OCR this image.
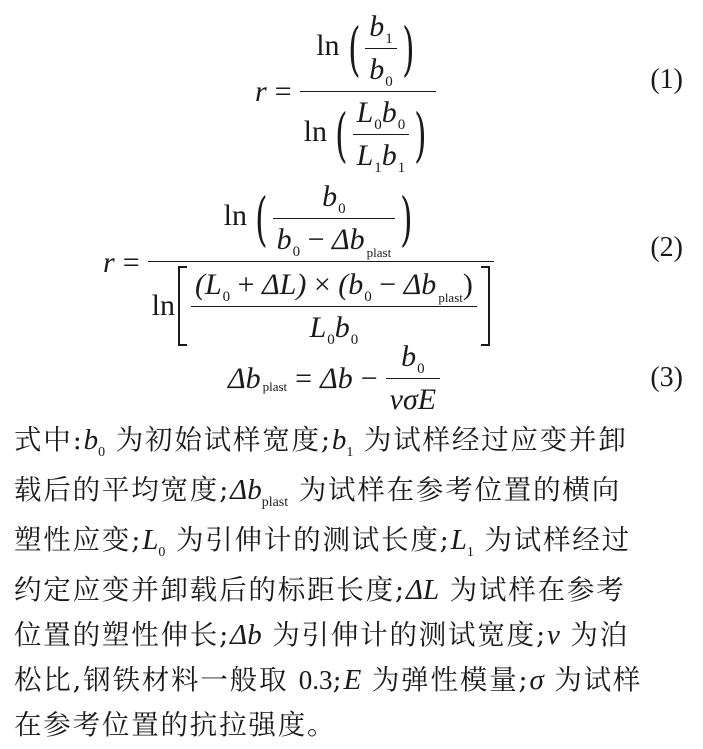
$r = \frac{\ln ( \frac{b_1}{b_0} )}{\ln ( \frac{L_0b_0}{L_1b_1} )}$	(1)
r =
ln ( $\frac{b_0}{b_0 - \Delta b _{plast}}$ )
$\ln \frac{(L_0 + \Delta L) \times (b_0 - \Delta b _{plast})}{L_0b_0}$
(2)
Δb plast = $\Delta b - \frac{b_0}{\text{νσE}}$	(3)
式中$:b_0$ 为初始试样宽度$;b_1$ 为试样经过应变并卸
载后的平均宽度$;\Delta b_{plast}$ 为试样在参考位置的横向
塑性应变$;L_0$ 为引伸计的测试长度$;L_1$ 为试样经过
约定应变并卸载后的标距长度;ΔL 为试样在参考
位置的塑性伸长;Δb 为引伸计的测试宽度;ν 为泊
松比,钢铁材料一般取 0.3;E 为弹性模量;σ 为试样
在参考位置的抗拉强度。
